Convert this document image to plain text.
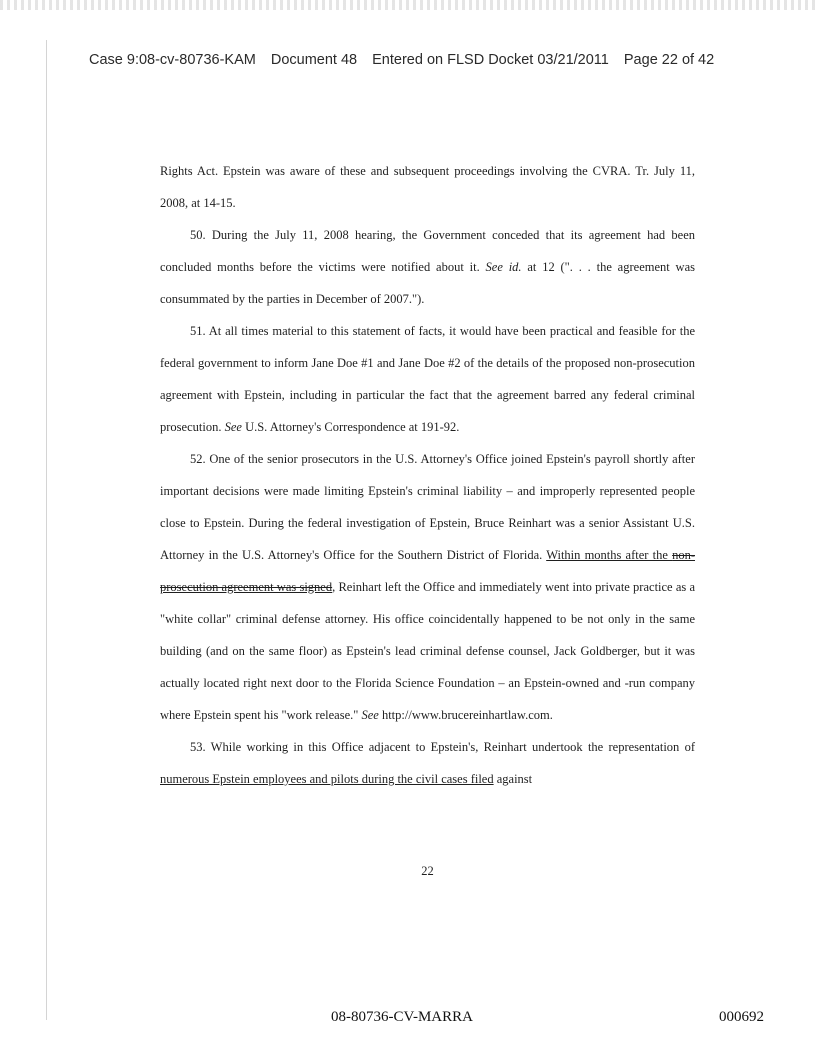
Case 9:08-cv-80736-KAM Document 48 Entered on FLSD Docket 03/21/2011 Page 22 of 42

Rights Act. Epstein was aware of these and subsequent proceedings involving the CVRA. Tr. July 11, 2008, at 14-15.

50. During the July 11, 2008 hearing, the Government conceded that its agreement had been concluded months before the victims were notified about it. See id. at 12 (". . . the agreement was consummated by the parties in December of 2007.").

51. At all times material to this statement of facts, it would have been practical and feasible for the federal government to inform Jane Doe #1 and Jane Doe #2 of the details of the proposed non-prosecution agreement with Epstein, including in particular the fact that the agreement barred any federal criminal prosecution. See U.S. Attorney's Correspondence at 191-92.

52. One of the senior prosecutors in the U.S. Attorney's Office joined Epstein's payroll shortly after important decisions were made limiting Epstein's criminal liability – and improperly represented people close to Epstein. During the federal investigation of Epstein, Bruce Reinhart was a senior Assistant U.S. Attorney in the U.S. Attorney's Office for the Southern District of Florida. Within months after the non-prosecution agreement was signed, Reinhart left the Office and immediately went into private practice as a "white collar" criminal defense attorney. His office coincidentally happened to be not only in the same building (and on the same floor) as Epstein's lead criminal defense counsel, Jack Goldberger, but it was actually located right next door to the Florida Science Foundation – an Epstein-owned and -run company where Epstein spent his "work release." See http://www.brucereinhartlaw.com.

53. While working in this Office adjacent to Epstein's, Reinhart undertook the representation of numerous Epstein employees and pilots during the civil cases filed against

22
08-80736-CV-MARRA	000692
